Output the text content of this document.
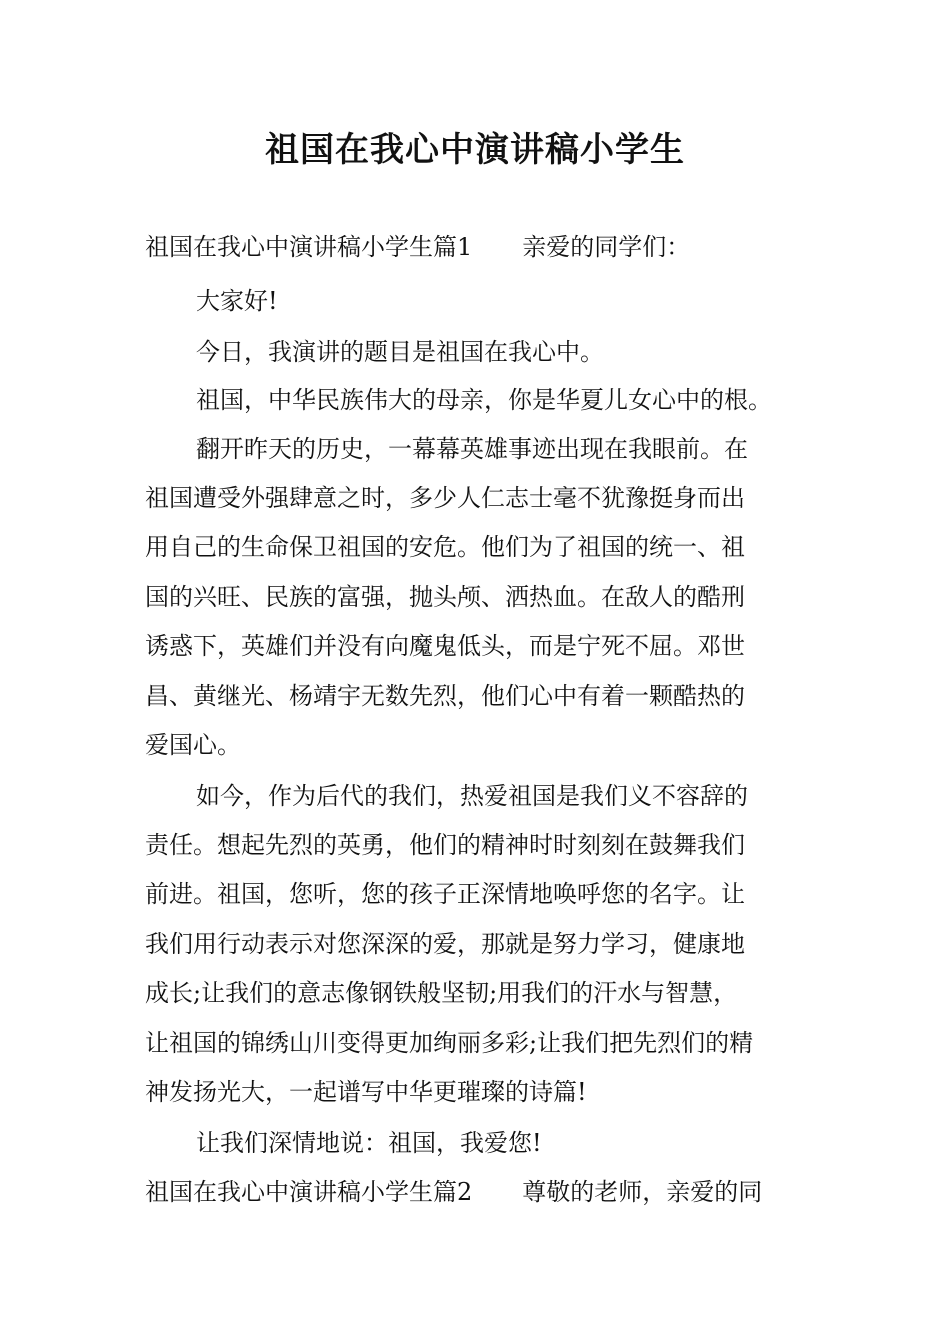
祖国在我心中演讲稿小学生
祖国在我心中演讲稿小学生篇1 亲爱的同学们：
大家好!
今日，我演讲的题目是祖国在我心中。
祖国，中华民族伟大的母亲，你是华夏儿女心中的根。
翻开昨天的历史，一幕幕英雄事迹出现在我眼前。在
祖国遭受外强肆意之时，多少人仁志士毫不犹豫挺身而出
用自己的生命保卫祖国的安危。他们为了祖国的统一、祖
国的兴旺、民族的富强，抛头颅、洒热血。在敌人的酷刑
诱惑下，英雄们并没有向魔鬼低头，而是宁死不屈。邓世
昌、黄继光、杨靖宇无数先烈，他们心中有着一颗酷热的
爱国心。
如今，作为后代的我们，热爱祖国是我们义不容辞的
责任。想起先烈的英勇，他们的精神时时刻刻在鼓舞我们
前进。祖国，您听，您的孩子正深情地唤呼您的名字。让
我们用行动表示对您深深的爱，那就是努力学习，健康地
成长;让我们的意志像钢铁般坚韧;用我们的汗水与智慧，
让祖国的锦绣山川变得更加绚丽多彩;让我们把先烈们的精
神发扬光大，一起谱写中华更璀璨的诗篇!
让我们深情地说：祖国，我爱您!
祖国在我心中演讲稿小学生篇2 尊敬的老师，亲爱的同
